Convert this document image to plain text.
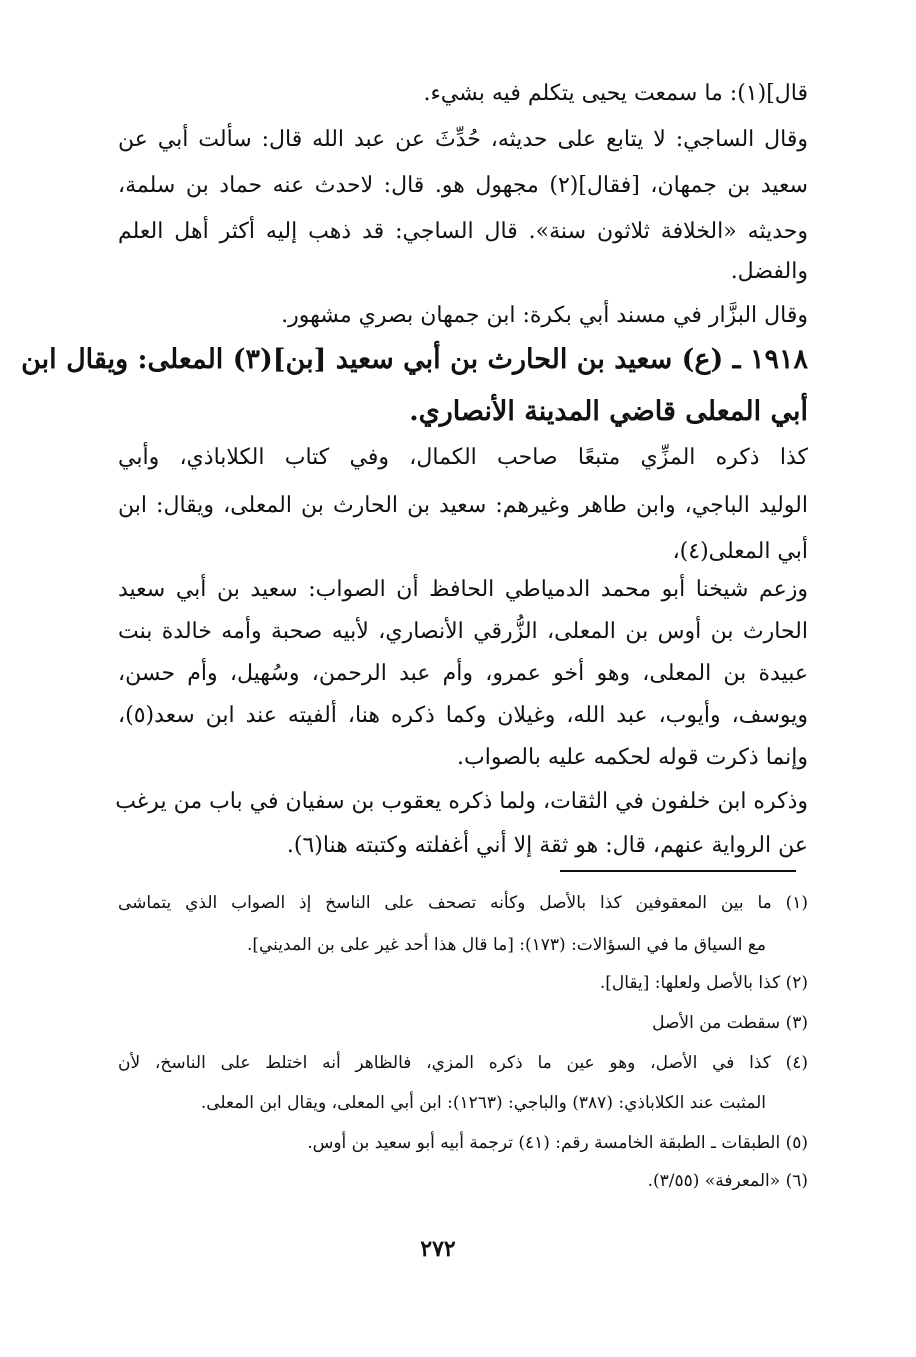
قال](١): ما سمعت يحيى يتكلم فيه بشيء.
وقال الساجي: لا يتابع على حديثه، حُدِّثَ عن عبد الله قال: سألت أبي عن
سعيد بن جمهان، [فقال](٢) مجهول هو. قال: لاحدث عنه حماد بن سلمة،
وحديثه «الخلافة ثلاثون سنة». قال الساجي: قد ذهب إليه أكثر أهل العلم
والفضل.
وقال البزَّار في مسند أبي بكرة: ابن جمهان بصري مشهور.
١٩١٨ ـ (ع) سعيد بن الحارث بن أبي سعيد [بن](٣) المعلى: ويقال ابن
أبي المعلى قاضي المدينة الأنصاري.
كذا ذكره المزِّي متبعًا صاحب الكمال، وفي كتاب الكلاباذي، وأبي
الوليد الباجي، وابن طاهر وغيرهم: سعيد بن الحارث بن المعلى، ويقال: ابن
أبي المعلى(٤)،
وزعم شيخنا أبو محمد الدمياطي الحافظ أن الصواب: سعيد بن أبي سعيد
الحارث بن أوس بن المعلى، الزُّرقي الأنصاري، لأبيه صحبة وأمه خالدة بنت
عبيدة بن المعلى، وهو أخو عمرو، وأم عبد الرحمن، وسُهيل، وأم حسن،
ويوسف، وأيوب، عبد الله، وغيلان وكما ذكره هنا، ألفيته عند ابن سعد(٥)،
وإنما ذكرت قوله لحكمه عليه بالصواب.
وذكره ابن خلفون في الثقات، ولما ذكره يعقوب بن سفيان في باب من يرغب
عن الرواية عنهم، قال: هو ثقة إلا أني أغفلته وكتبته هنا(٦).
(١) ما بين المعقوفين كذا بالأصل وكأنه تصحف على الناسخ إذ الصواب الذي يتماشى
مع السياق ما في السؤالات: (١٧٣): [ما قال هذا أحد غير على بن المديني].
(٢) كذا بالأصل ولعلها: [يقال].
(٣) سقطت من الأصل
(٤) كذا في الأصل، وهو عين ما ذكره المزي، فالظاهر أنه اختلط على الناسخ، لأن
المثبت عند الكلاباذي: (٣٨٧) والباجي: (١٢٦٣): ابن أبي المعلى، ويقال ابن المعلى.
(٥) الطبقات ـ الطبقة الخامسة رقم: (٤١) ترجمة أبيه أبو سعيد بن أوس.
(٦) «المعرفة» (٣/٥٥).
٢٧٢
